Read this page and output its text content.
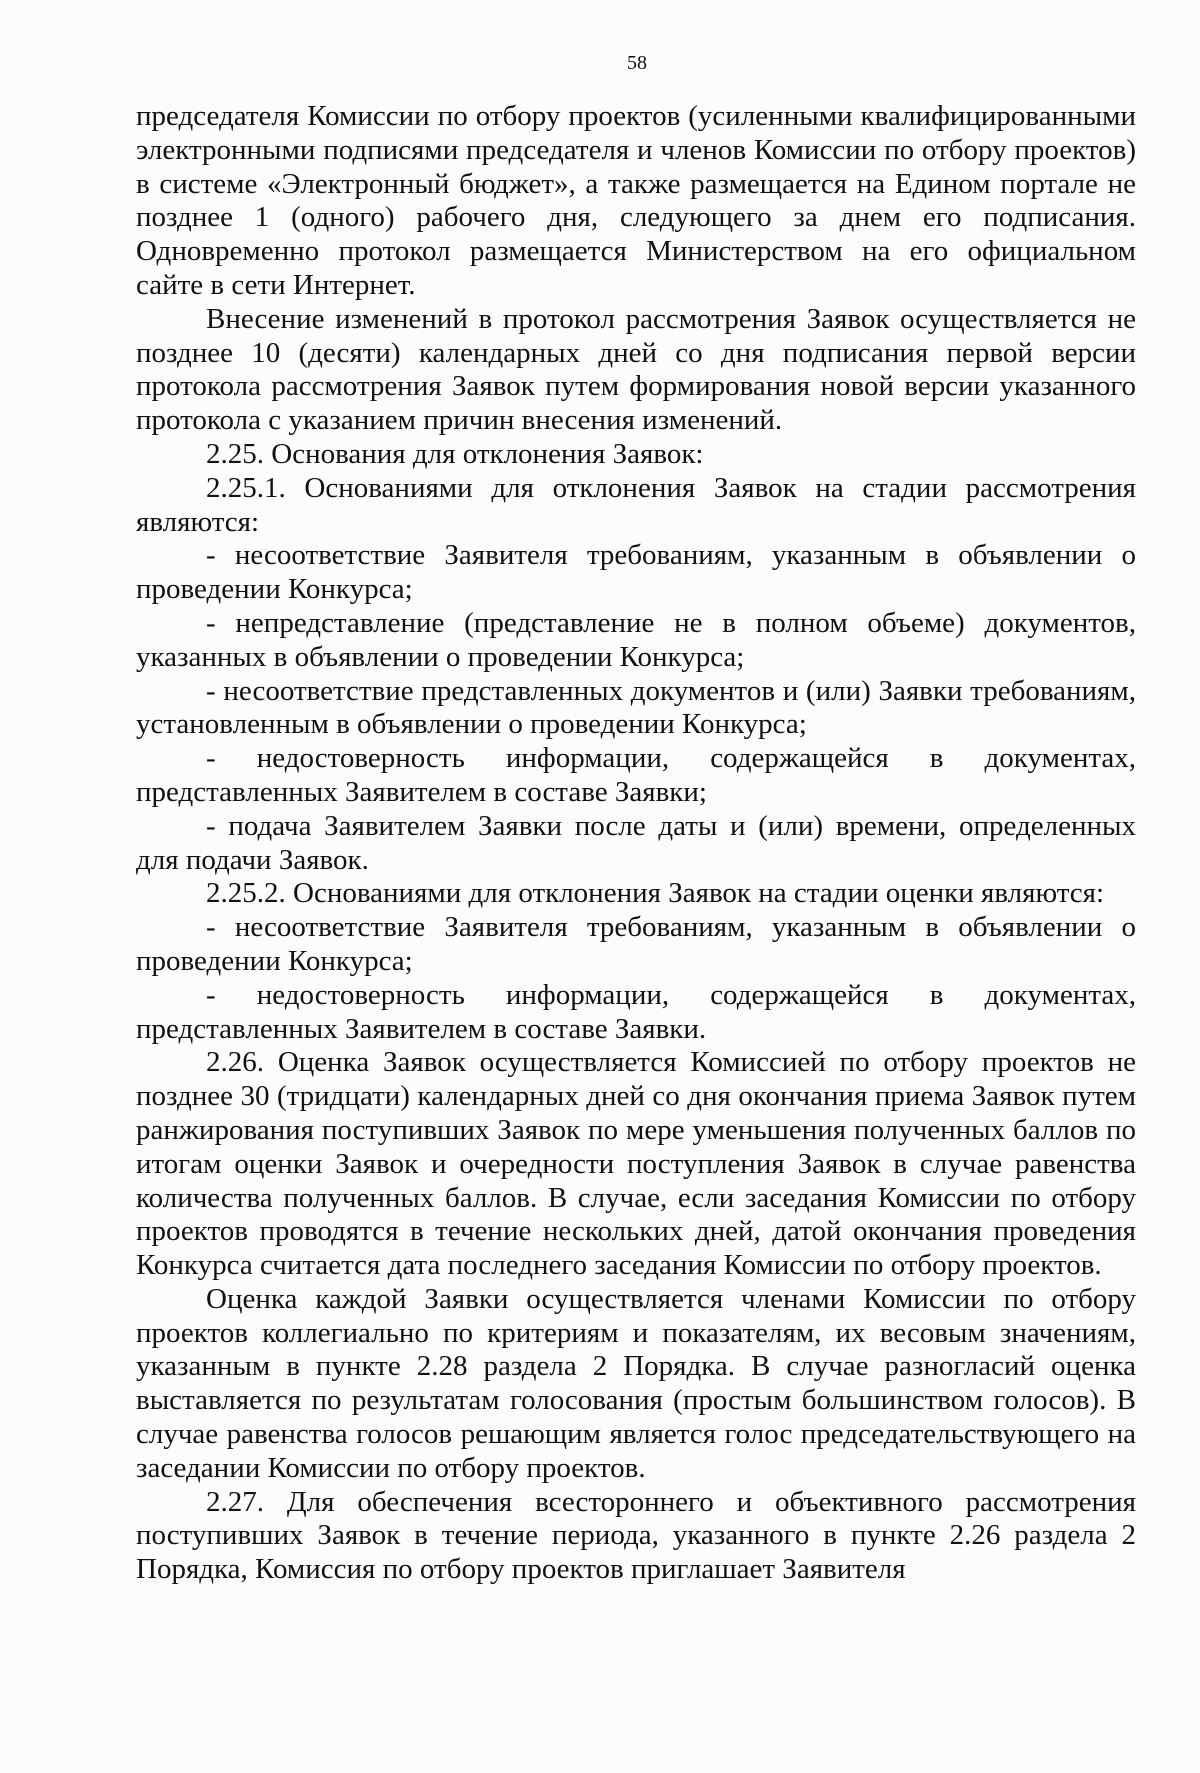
58

председателя Комиссии по отбору проектов (усиленными квалифицированными электронными подписями председателя и членов Комиссии по отбору проектов) в системе «Электронный бюджет», а также размещается на Едином портале не позднее 1 (одного) рабочего дня, следующего за днем его подписания. Одновременно протокол размещается Министерством на его официальном сайте в сети Интернет.

Внесение изменений в протокол рассмотрения Заявок осуществляется не позднее 10 (десяти) календарных дней со дня подписания первой версии протокола рассмотрения Заявок путем формирования новой версии указанного протокола с указанием причин внесения изменений.

2.25. Основания для отклонения Заявок:

2.25.1. Основаниями для отклонения Заявок на стадии рассмотрения являются:

- несоответствие Заявителя требованиям, указанным в объявлении о проведении Конкурса;

- непредставление (представление не в полном объеме) документов, указанных в объявлении о проведении Конкурса;

- несоответствие представленных документов и (или) Заявки требованиям, установленным в объявлении о проведении Конкурса;

- недостоверность информации, содержащейся в документах, представленных Заявителем в составе Заявки;

- подача Заявителем Заявки после даты и (или) времени, определенных для подачи Заявок.

2.25.2. Основаниями для отклонения Заявок на стадии оценки являются:

- несоответствие Заявителя требованиям, указанным в объявлении о проведении Конкурса;

- недостоверность информации, содержащейся в документах, представленных Заявителем в составе Заявки.

2.26. Оценка Заявок осуществляется Комиссией по отбору проектов не позднее 30 (тридцати) календарных дней со дня окончания приема Заявок путем ранжирования поступивших Заявок по мере уменьшения полученных баллов по итогам оценки Заявок и очередности поступления Заявок в случае равенства количества полученных баллов. В случае, если заседания Комиссии по отбору проектов проводятся в течение нескольких дней, датой окончания проведения Конкурса считается дата последнего заседания Комиссии по отбору проектов.

Оценка каждой Заявки осуществляется членами Комиссии по отбору проектов коллегиально по критериям и показателям, их весовым значениям, указанным в пункте 2.28 раздела 2 Порядка. В случае разногласий оценка выставляется по результатам голосования (простым большинством голосов). В случае равенства голосов решающим является голос председательствующего на заседании Комиссии по отбору проектов.

2.27. Для обеспечения всестороннего и объективного рассмотрения поступивших Заявок в течение периода, указанного в пункте 2.26 раздела 2 Порядка, Комиссия по отбору проектов приглашает Заявителя
